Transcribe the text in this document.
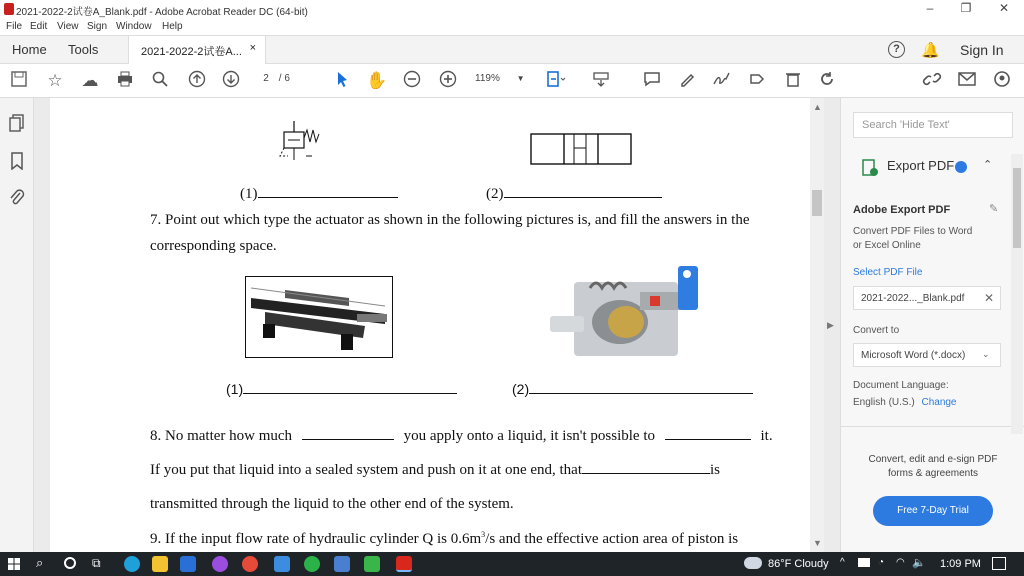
2021-2022-2试卷A_Blank.pdf - Adobe Acrobat Reader DC (64-bit)	–	❐	✕
File Edit View Sign Window Help
Home Tools	2021-2022-2试卷A... ×	?	🔔 Sign In
☆ ☁	2 / 6	✋	119% ▼
(1)	(2)
7. Point out which type the actuator as shown in the following pictures is, and fill the answers in the
corresponding space.
(1)	(2)
8. No matter how much	you apply onto a liquid, it isn't possible to	it.
If you put that liquid into a sealed system and push on it at one end, that	is
transmitted through the liquid to the other end of the system.
9. If the input flow rate of hydraulic cylinder Q is $0.6m^3/s$ and the effective action area of piston is
▲
▼
▶
Search 'Hide Text'
Export PDF	⌃
Adobe Export PDF	✎
Convert PDF Files to Word
or Excel Online
Select PDF File
2021-2022..._Blank.pdf ✕
Convert to
Microsoft Word (*.docx) ⌄
Document Language:
English (U.S.) Change
Convert, edit and e-sign PDF
forms & agreements
Free 7-Day Trial
⌕	⧉	86°F Cloudy ^	◔ ◠ 🔈 1:09 PM
